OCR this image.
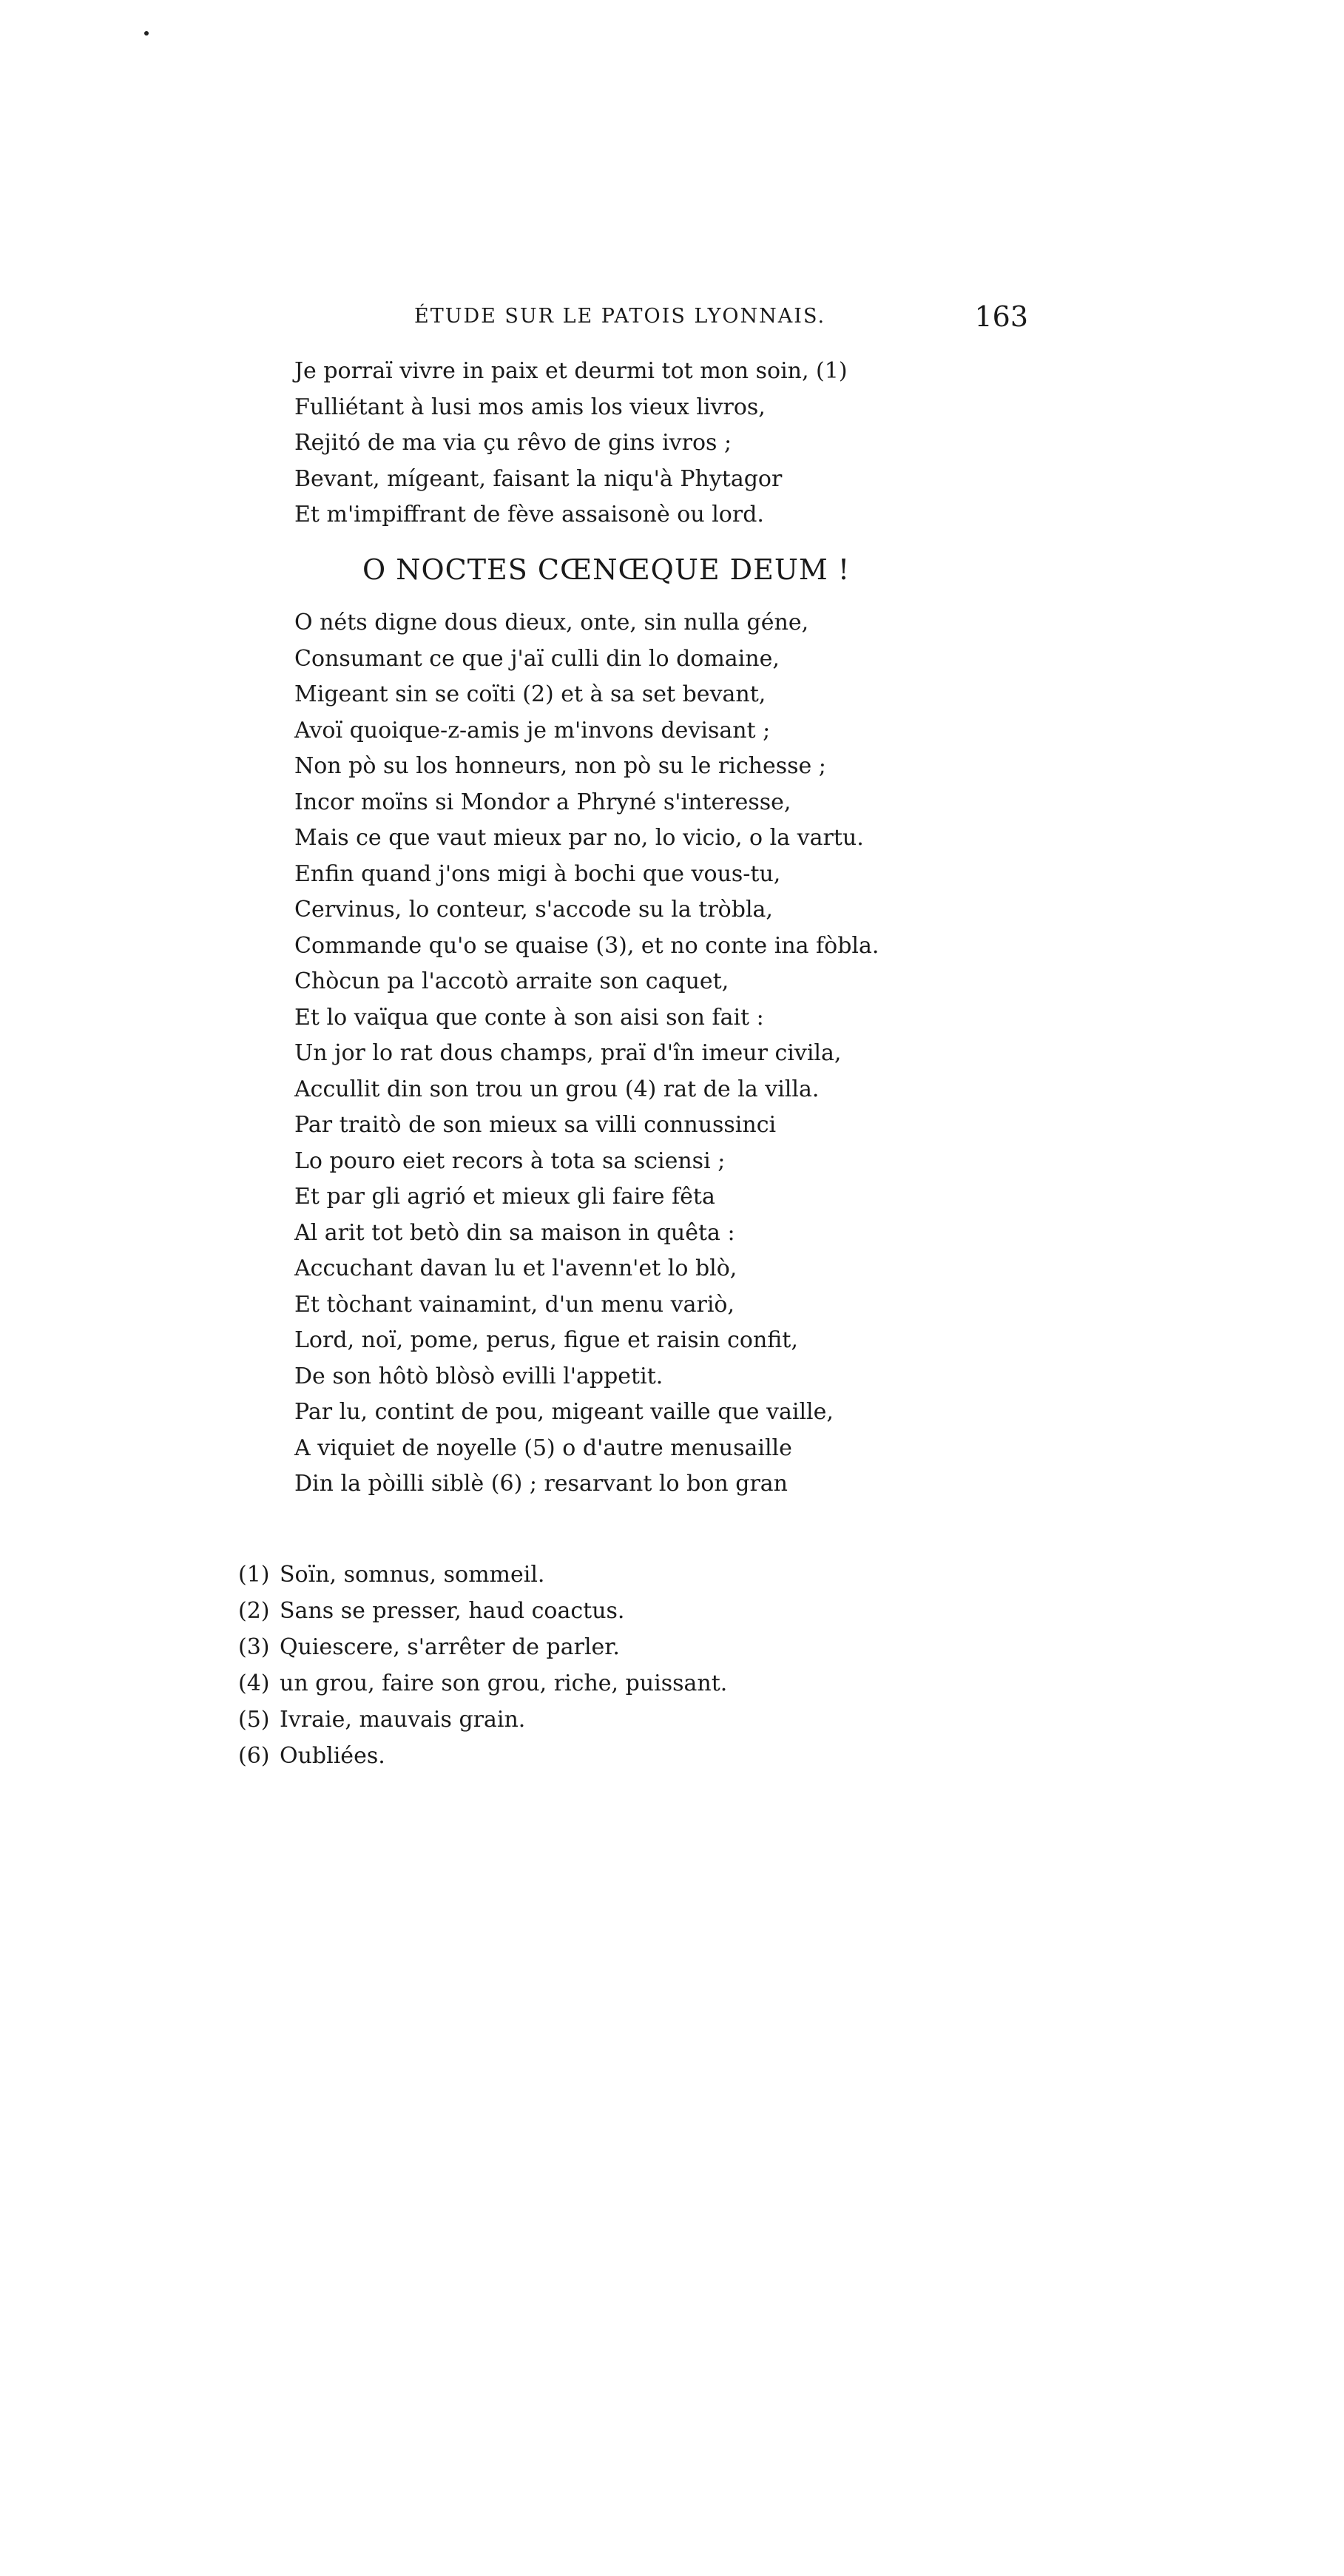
ÉTUDE SUR LE PATOIS LYONNAIS.	163
Je porraï vivre in paix et deurmi tot mon soin, (1)
Fulliétant à lusi mos amis los vieux livros,
Rejitó de ma via çu rêvo de gins ivros ;
Bevant, mígeant, faisant la niqu'à Phytagor
Et m'impiffrant de fève assaisonè ou lord.
O NOCTES CŒNŒQUE DEUM !
O néts digne dous dieux, onte, sin nulla géne,
Consumant ce que j'aï culli din lo domaine,
Migeant sin se coïti (2) et à sa set bevant,
Avoï quoique-z-amis je m'invons devisant ;
Non pò su los honneurs, non pò su le richesse ;
Incor moïns si Mondor a Phryné s'interesse,
Mais ce que vaut mieux par no, lo vicio, o la vartu.
Enfin quand j'ons migi à bochi que vous-tu,
Cervinus, lo conteur, s'accode su la tròbla,
Commande qu'o se quaise (3), et no conte ina fòbla.
Chòcun pa l'accotò arraite son caquet,
Et lo vaïqua que conte à son aisi son fait :
Un jor lo rat dous champs, praï d'în imeur civila,
Accullit din son trou un grou (4) rat de la villa.
Par traitò de son mieux sa villi connussinci
Lo pouro eiet recors à tota sa sciensi ;
Et par gli agrió et mieux gli faire fêta
Al arit tot betò din sa maison in quêta :
Accuchant davan lu et l'avenn'et lo blò,
Et tòchant vainamint, d'un menu variò,
Lord, noï, pome, perus, figue et raisin confit,
De son hôtò blòsò evilli l'appetit.
Par lu, contint de pou, migeant vaille que vaille,
A viquiet de noyelle (5) o d'autre menusaille
Din la pòilli siblè (6) ; resarvant lo bon gran
(1) Soïn, somnus, sommeil.
(2) Sans se presser, haud coactus.
(3) Quiescere, s'arrêter de parler.
(4) un grou, faire son grou, riche, puissant.
(5) Ivraie, mauvais grain.
(6) Oubliées.
